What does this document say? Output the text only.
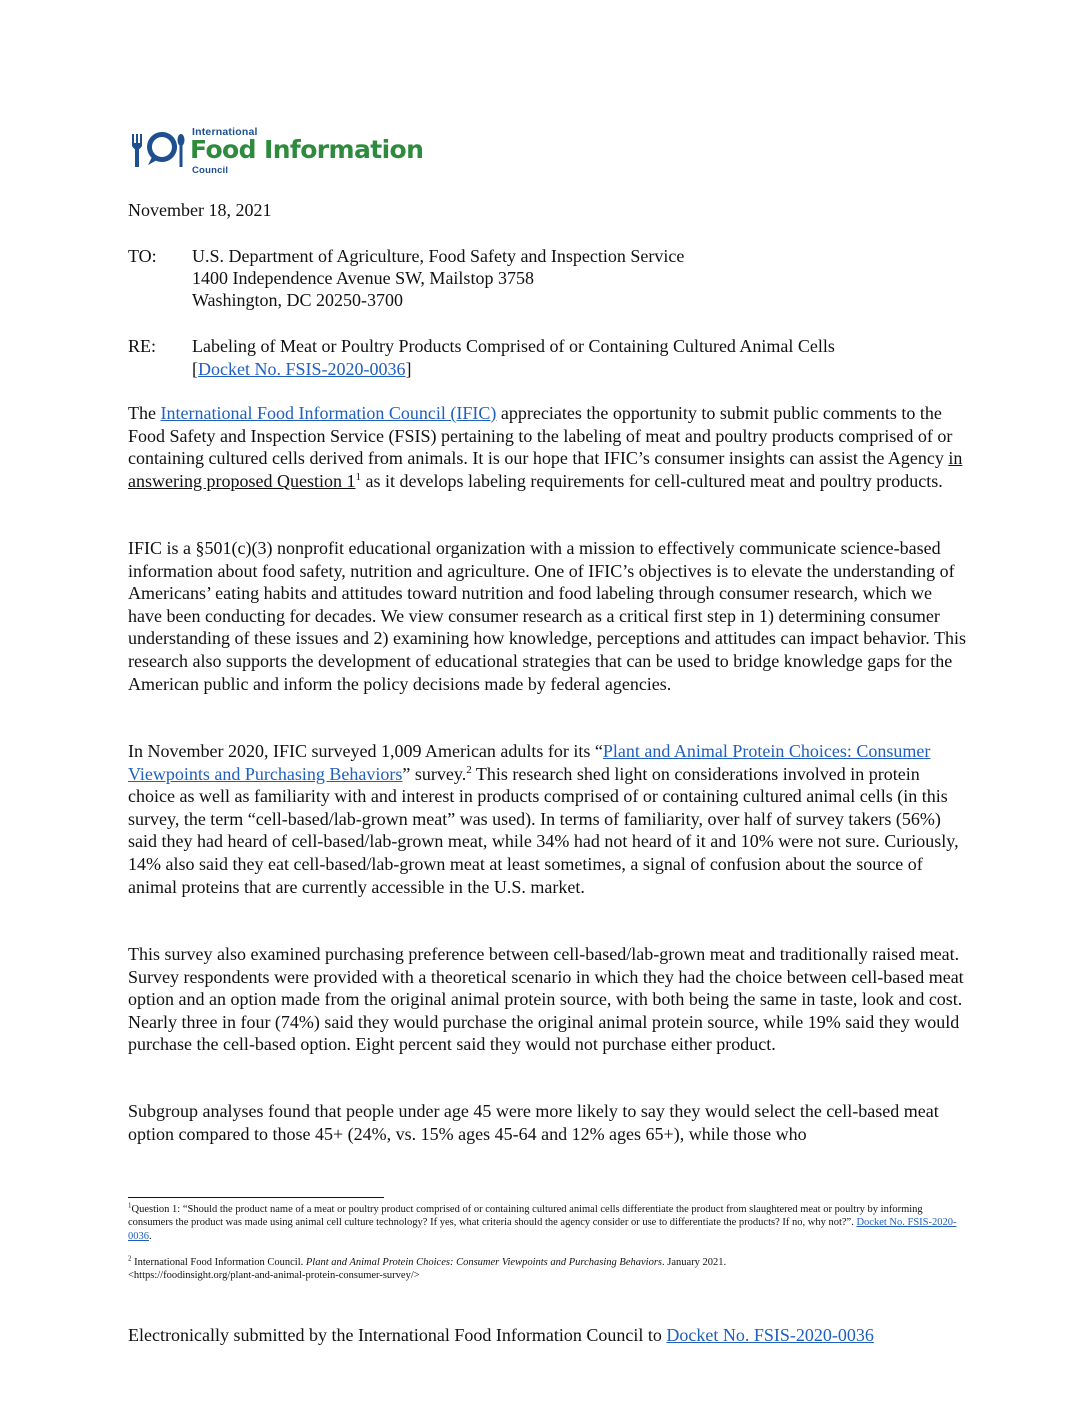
International
Food Information
Council
November 18, 2021
TO:	U.S. Department of Agriculture, Food Safety and Inspection Service
1400 Independence Avenue SW, Mailstop 3758
Washington, DC 20250-3700
RE:	Labeling of Meat or Poultry Products Comprised of or Containing Cultured Animal Cells
[Docket No. FSIS-2020-0036]
The International Food Information Council (IFIC) appreciates the opportunity to submit public comments to the Food Safety and Inspection Service (FSIS) pertaining to the labeling of meat and poultry products comprised of or containing cultured cells derived from animals. It is our hope that IFIC’s consumer insights can assist the Agency in answering proposed Question $1^1$ as it develops labeling requirements for cell-cultured meat and poultry products.
IFIC is a §501(c)(3) nonprofit educational organization with a mission to effectively communicate science-based information about food safety, nutrition and agriculture. One of IFIC’s objectives is to elevate the understanding of Americans’ eating habits and attitudes toward nutrition and food labeling through consumer research, which we have been conducting for decades. We view consumer research as a critical first step in 1) determining consumer understanding of these issues and 2) examining how knowledge, perceptions and attitudes can impact behavior. This research also supports the development of educational strategies that can be used to bridge knowledge gaps for the American public and inform the policy decisions made by federal agencies.
In November 2020, IFIC surveyed 1,009 American adults for its “Plant and Animal Protein Choices: Consumer Viewpoints and Purchasing Behaviors” survey.$^2$ This research shed light on considerations involved in protein choice as well as familiarity with and interest in products comprised of or containing cultured animal cells (in this survey, the term “cell-based/lab-grown meat” was used). In terms of familiarity, over half of survey takers (56%) said they had heard of cell-based/lab-grown meat, while 34% had not heard of it and 10% were not sure. Curiously, 14% also said they eat cell-based/lab-grown meat at least sometimes, a signal of confusion about the source of animal proteins that are currently accessible in the U.S. market.
This survey also examined purchasing preference between cell-based/lab-grown meat and traditionally raised meat. Survey respondents were provided with a theoretical scenario in which they had the choice between cell-based meat option and an option made from the original animal protein source, with both being the same in taste, look and cost. Nearly three in four (74%) said they would purchase the original animal protein source, while 19% said they would purchase the cell-based option. Eight percent said they would not purchase either product.
Subgroup analyses found that people under age 45 were more likely to say they would select the cell-based meat option compared to those 45+ (24%, vs. 15% ages 45-64 and 12% ages 65+), while those who
$^1$Question 1: “Should the product name of a meat or poultry product comprised of or containing cultured animal cells differentiate the product from slaughtered meat or poultry by informing consumers the product was made using animal cell culture technology? If yes, what criteria should the agency consider or use to differentiate the products? If no, why not?”. Docket No. FSIS-2020-0036.
$^2$ International Food Information Council. Plant and Animal Protein Choices: Consumer Viewpoints and Purchasing Behaviors. January 2021.
<https://foodinsight.org/plant-and-animal-protein-consumer-survey/>
Electronically submitted by the International Food Information Council to Docket No. FSIS-2020-0036
